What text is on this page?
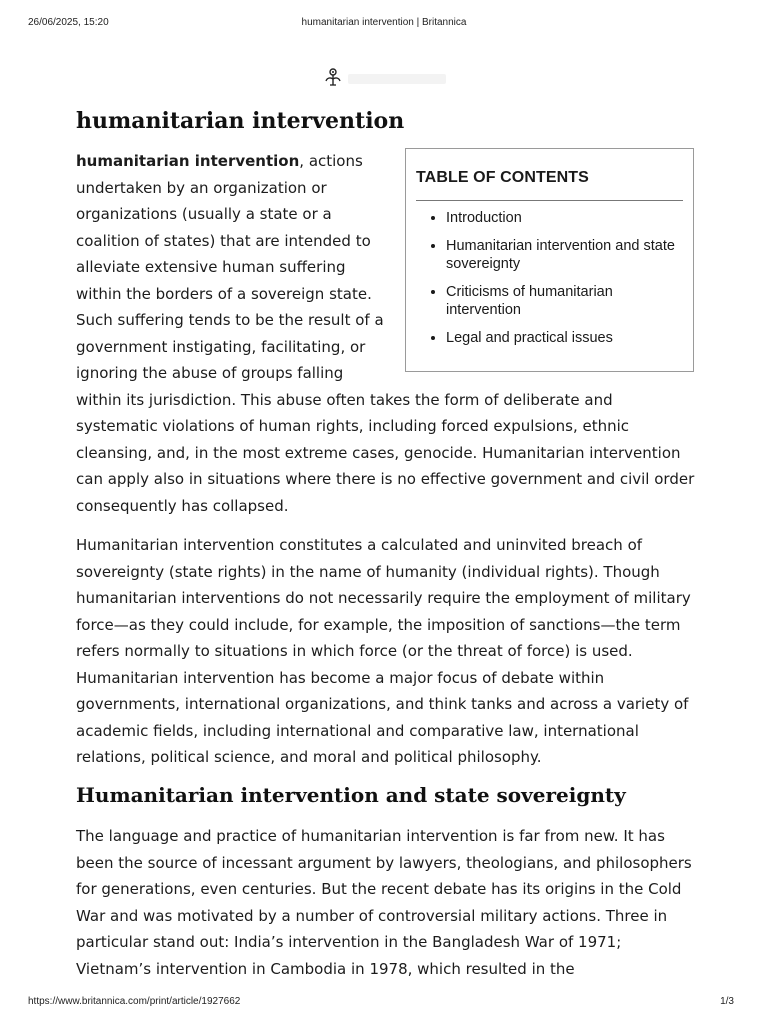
26/06/2025, 15:20	humanitarian intervention | Britannica
humanitarian intervention

humanitarian intervention, actions undertaken by an organization or organizations (usually a state or a coalition of states) that are intended to alleviate extensive human suffering within the borders of a sovereign state. Such suffering tends to be the result of a government instigating, facilitating, or ignoring the abuse of groups falling within its jurisdiction. This abuse often takes the form of deliberate and systematic violations of human rights, including forced expulsions, ethnic cleansing, and, in the most extreme cases, genocide. Humanitarian intervention can apply also in situations where there is no effective government and civil order consequently has collapsed.

TABLE OF CONTENTS
• Introduction
• Humanitarian intervention and state sovereignty
• Criticisms of humanitarian intervention
• Legal and practical issues

Humanitarian intervention constitutes a calculated and uninvited breach of sovereignty (state rights) in the name of humanity (individual rights). Though humanitarian interventions do not necessarily require the employment of military force—as they could include, for example, the imposition of sanctions—the term refers normally to situations in which force (or the threat of force) is used. Humanitarian intervention has become a major focus of debate within governments, international organizations, and think tanks and across a variety of academic fields, including international and comparative law, international relations, political science, and moral and political philosophy.

Humanitarian intervention and state sovereignty

The language and practice of humanitarian intervention is far from new. It has been the source of incessant argument by lawyers, theologians, and philosophers for generations, even centuries. But the recent debate has its origins in the Cold War and was motivated by a number of controversial military actions. Three in particular stand out: India’s intervention in the Bangladesh War of 1971; Vietnam’s intervention in Cambodia in 1978, which resulted in the

https://www.britannica.com/print/article/1927662	1/3
